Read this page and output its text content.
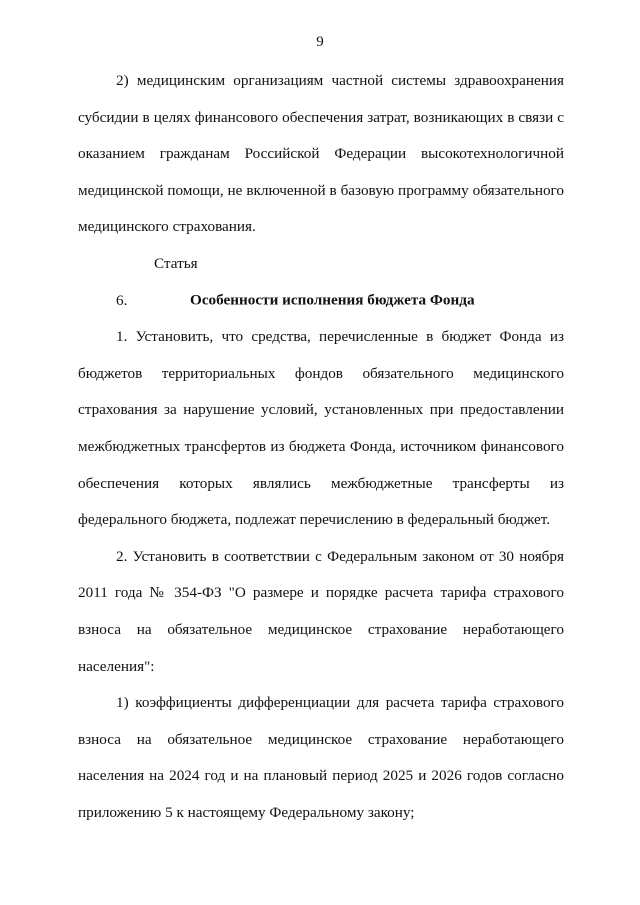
9

2) медицинским организациям частной системы здравоохранения субсидии в целях финансового обеспечения затрат, возникающих в связи с оказанием гражданам Российской Федерации высокотехнологичной медицинской помощи, не включенной в базовую программу обязательного медицинского страхования.

Статья 6.	Особенности исполнения бюджета Фонда

1. Установить, что средства, перечисленные в бюджет Фонда из бюджетов территориальных фондов обязательного медицинского страхования за нарушение условий, установленных при предоставлении межбюджетных трансфертов из бюджета Фонда, источником финансового обеспечения которых являлись межбюджетные трансферты из федерального бюджета, подлежат перечислению в федеральный бюджет.

2. Установить в соответствии с Федеральным законом от 30 ноября 2011 года № 354-ФЗ "О размере и порядке расчета тарифа страхового взноса на обязательное медицинское страхование неработающего населения":

1) коэффициенты дифференциации для расчета тарифа страхового взноса на обязательное медицинское страхование неработающего населения на 2024 год и на плановый период 2025 и 2026 годов согласно приложению 5 к настоящему Федеральному закону;
